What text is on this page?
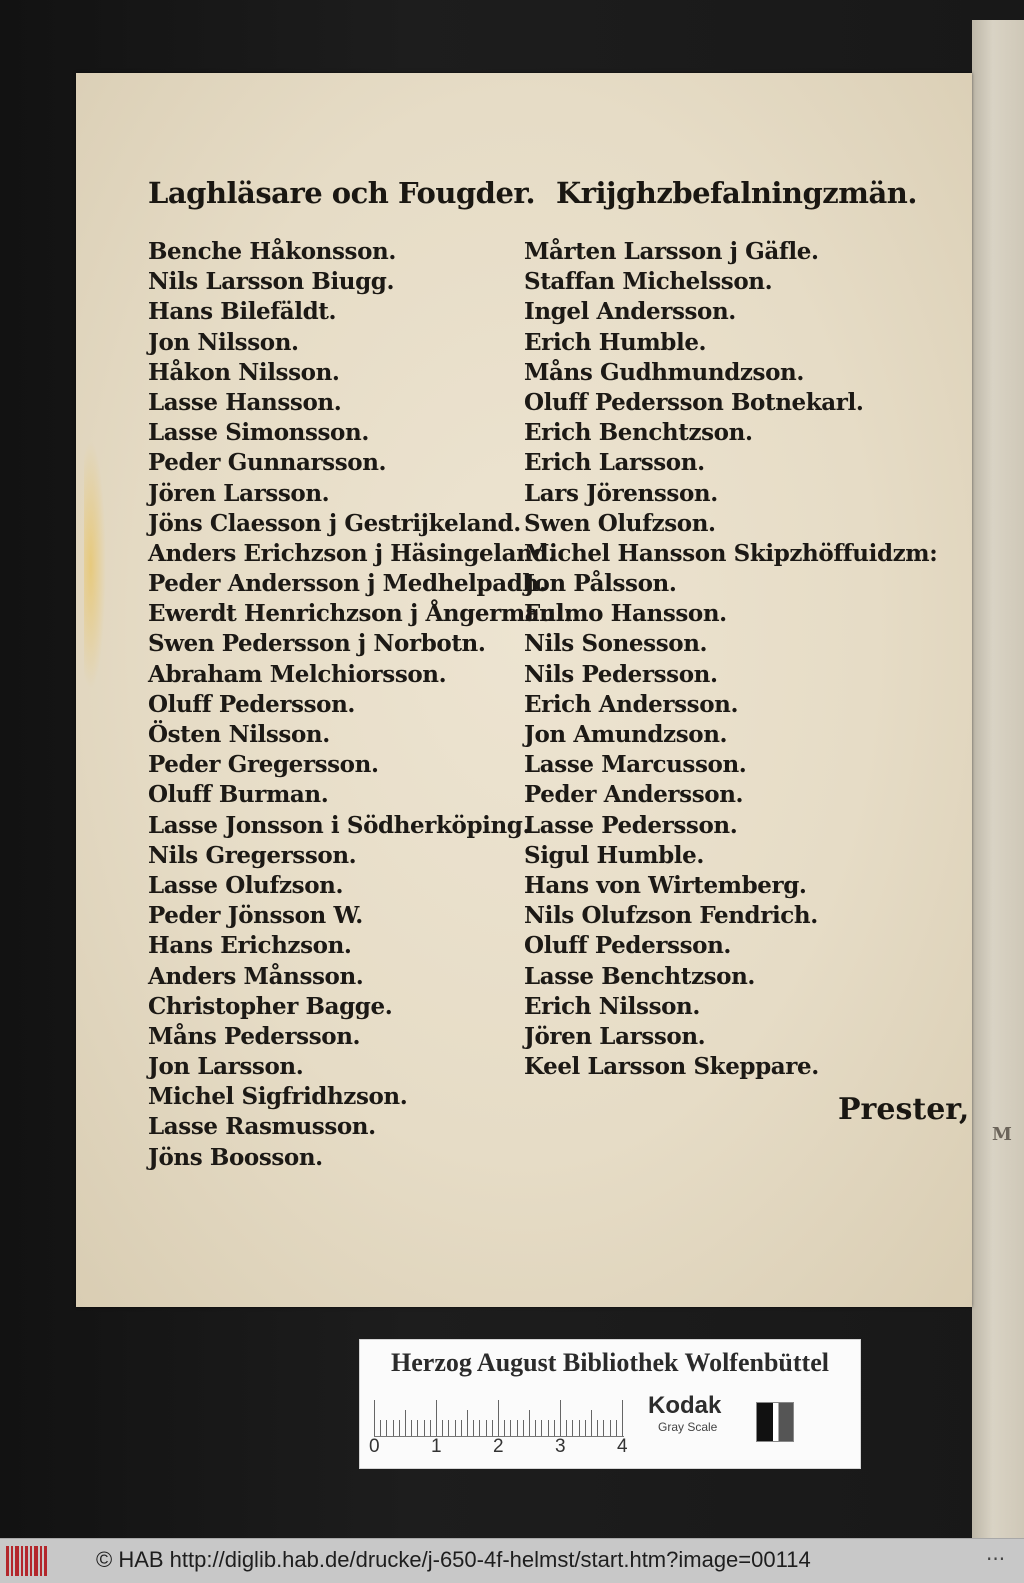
M
Laghläsare och Fougder.
Benche Håkonsson.
Nils Larsson Biugg.
Hans Bilefäldt.
Jon Nilsson.
Håkon Nilsson.
Lasse Hansson.
Lasse Simonsson.
Peder Gunnarsson.
Jören Larsson.
Jöns Claesson j Gestrijkeland.
Anders Erichzson j Häsingeland.
Peder Andersson j Medhelpadh.
Ewerdt Henrichzson j Ångermanl:
Swen Pedersson j Norbotn.
Abraham Melchiorsson.
Oluff Pedersson.
Östen Nilsson.
Peder Gregersson.
Oluff Burman.
Lasse Jonsson i Södherköping.
Nils Gregersson.
Lasse Olufzson.
Peder Jönsson W.
Hans Erichzson.
Anders Månsson.
Christopher Bagge.
Måns Pedersson.
Jon Larsson.
Michel Sigfridhzson.
Lasse Rasmusson.
Jöns Boosson.
Krijghzbefalningzmän.
Mårten Larsson j Gäfle.
Staffan Michelsson.
Ingel Andersson.
Erich Humble.
Måns Gudhmundzson.
Oluff Pedersson Botnekarl.
Erich Benchtzson.
Erich Larsson.
Lars Jörensson.
Swen Olufzson.
Michel Hansson Skipzhöffuidzm:
Jon Pålsson.
Fulmo Hansson.
Nils Sonesson.
Nils Pedersson.
Erich Andersson.
Jon Amundzson.
Lasse Marcusson.
Peder Andersson.
Lasse Pedersson.
Sigul Humble.
Hans von Wirtemberg.
Nils Olufzson Fendrich.
Oluff Pedersson.
Lasse Benchtzson.
Erich Nilsson.
Jören Larsson.
Keel Larsson Skeppare.
Prester,
Herzog August Bibliothek Wolfenbüttel
0	1	2	3	4
Kodak
Gray Scale
© HAB http://diglib.hab.de/drucke/j-650-4f-helmst/start.htm?image=00114	···
